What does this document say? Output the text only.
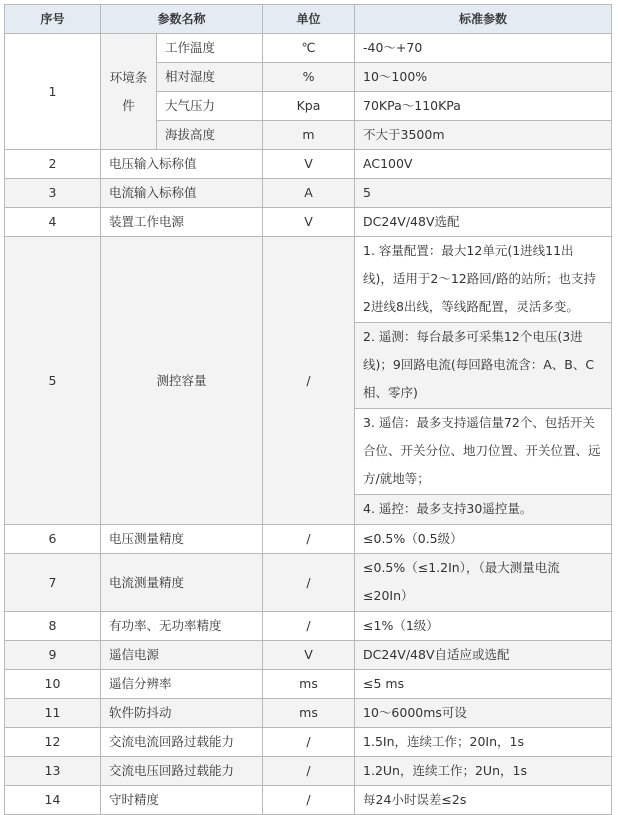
序号	参数名称		单位	标准参数
1	环境条件	工作温度	℃	-40～+70
		相对湿度	%	10～100%
		大气压力	Kpa	70KPa～110KPa
		海拔高度	m	不大于3500m
2	电压输入标称值		V	AC100V
3	电流输入标称值		A	5
4	装置工作电源		V	DC24V/48V选配
5	测控容量		/	1. 容量配置：最大12单元(1进线11出线)，适用于2～12路回/路的站所；也支持2进线8出线，等线路配置，灵活多变。
				2. 遥测：每台最多可采集12个电压(3进线)；9回路电流(每回路电流含：A、B、C相、零序)
				3. 遥信：最多支持遥信量72个、包括开关合位、开关分位、地刀位置、开关位置、远方/就地等；
				4. 遥控：最多支持30遥控量。
6	电压测量精度		/	≤0.5%（0.5级）
7	电流测量精度		/	≤0.5%（≤1.2In），（最大测量电流≤20In）
8	有功率、无功率精度		/	≤1%（1级）
9	遥信电源		V	DC24V/48V自适应或选配
10	遥信分辨率		ms	≤5 ms
11	软件防抖动		ms	10～6000ms可设
12	交流电流回路过载能力		/	1.5In，连续工作；20In，1s
13	交流电压回路过载能力		/	1.2Un，连续工作；2Un，1s
14	守时精度		/	每24小时误差≤2s
